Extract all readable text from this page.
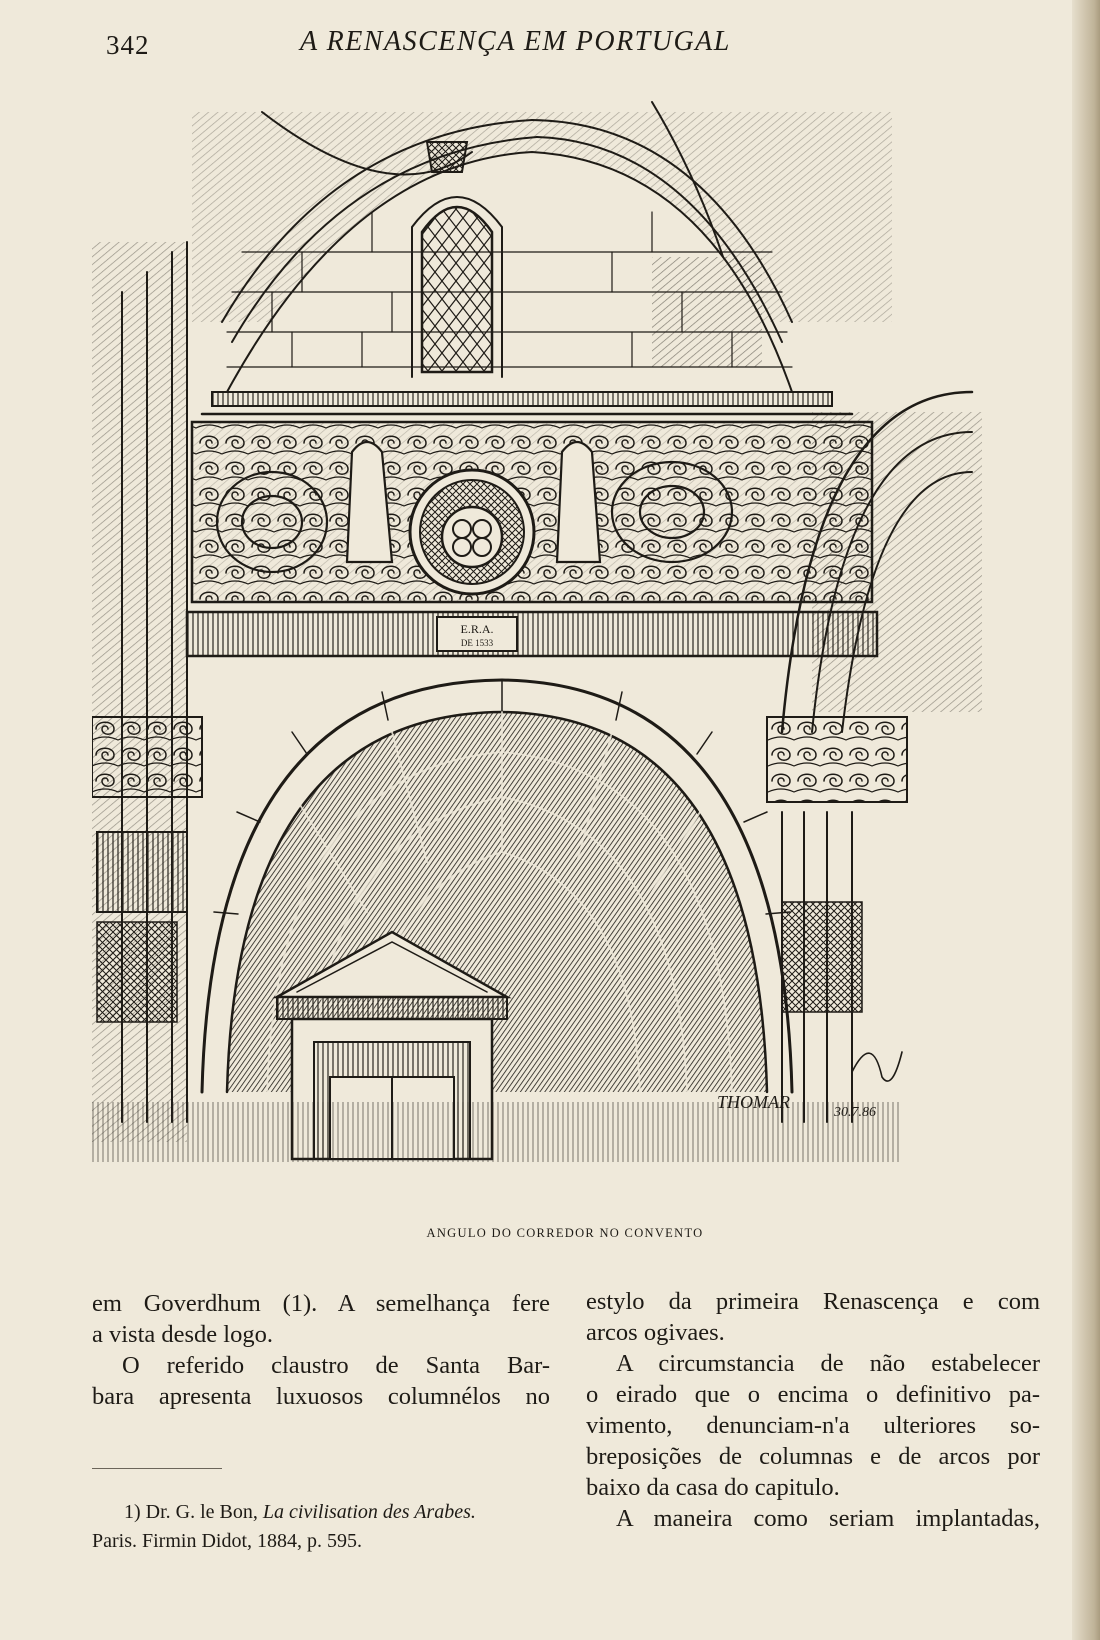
342	A RENASCENÇA EM PORTUGAL
E.R.A.
DE 1533
THOMAR
30.7.86
ANGULO DO CORREDOR NO CONVENTO

em Goverdhum (1). A semelhança fere

a vista desde logo.

O referido claustro de Santa Bar-

bara apresenta luxuosos columnélos no

1) Dr. G. le Bon, La civilisation des Arabes.
Paris. Firmin Didot, 1884, p. 595.

estylo da primeira Renascença e com

arcos ogivaes.

A circumstancia de não estabelecer

o eirado que o encima o definitivo pa-

vimento, denunciam-n'a ulteriores so-

breposições de columnas e de arcos por

baixo da casa do capitulo.

A maneira como seriam implantadas,
